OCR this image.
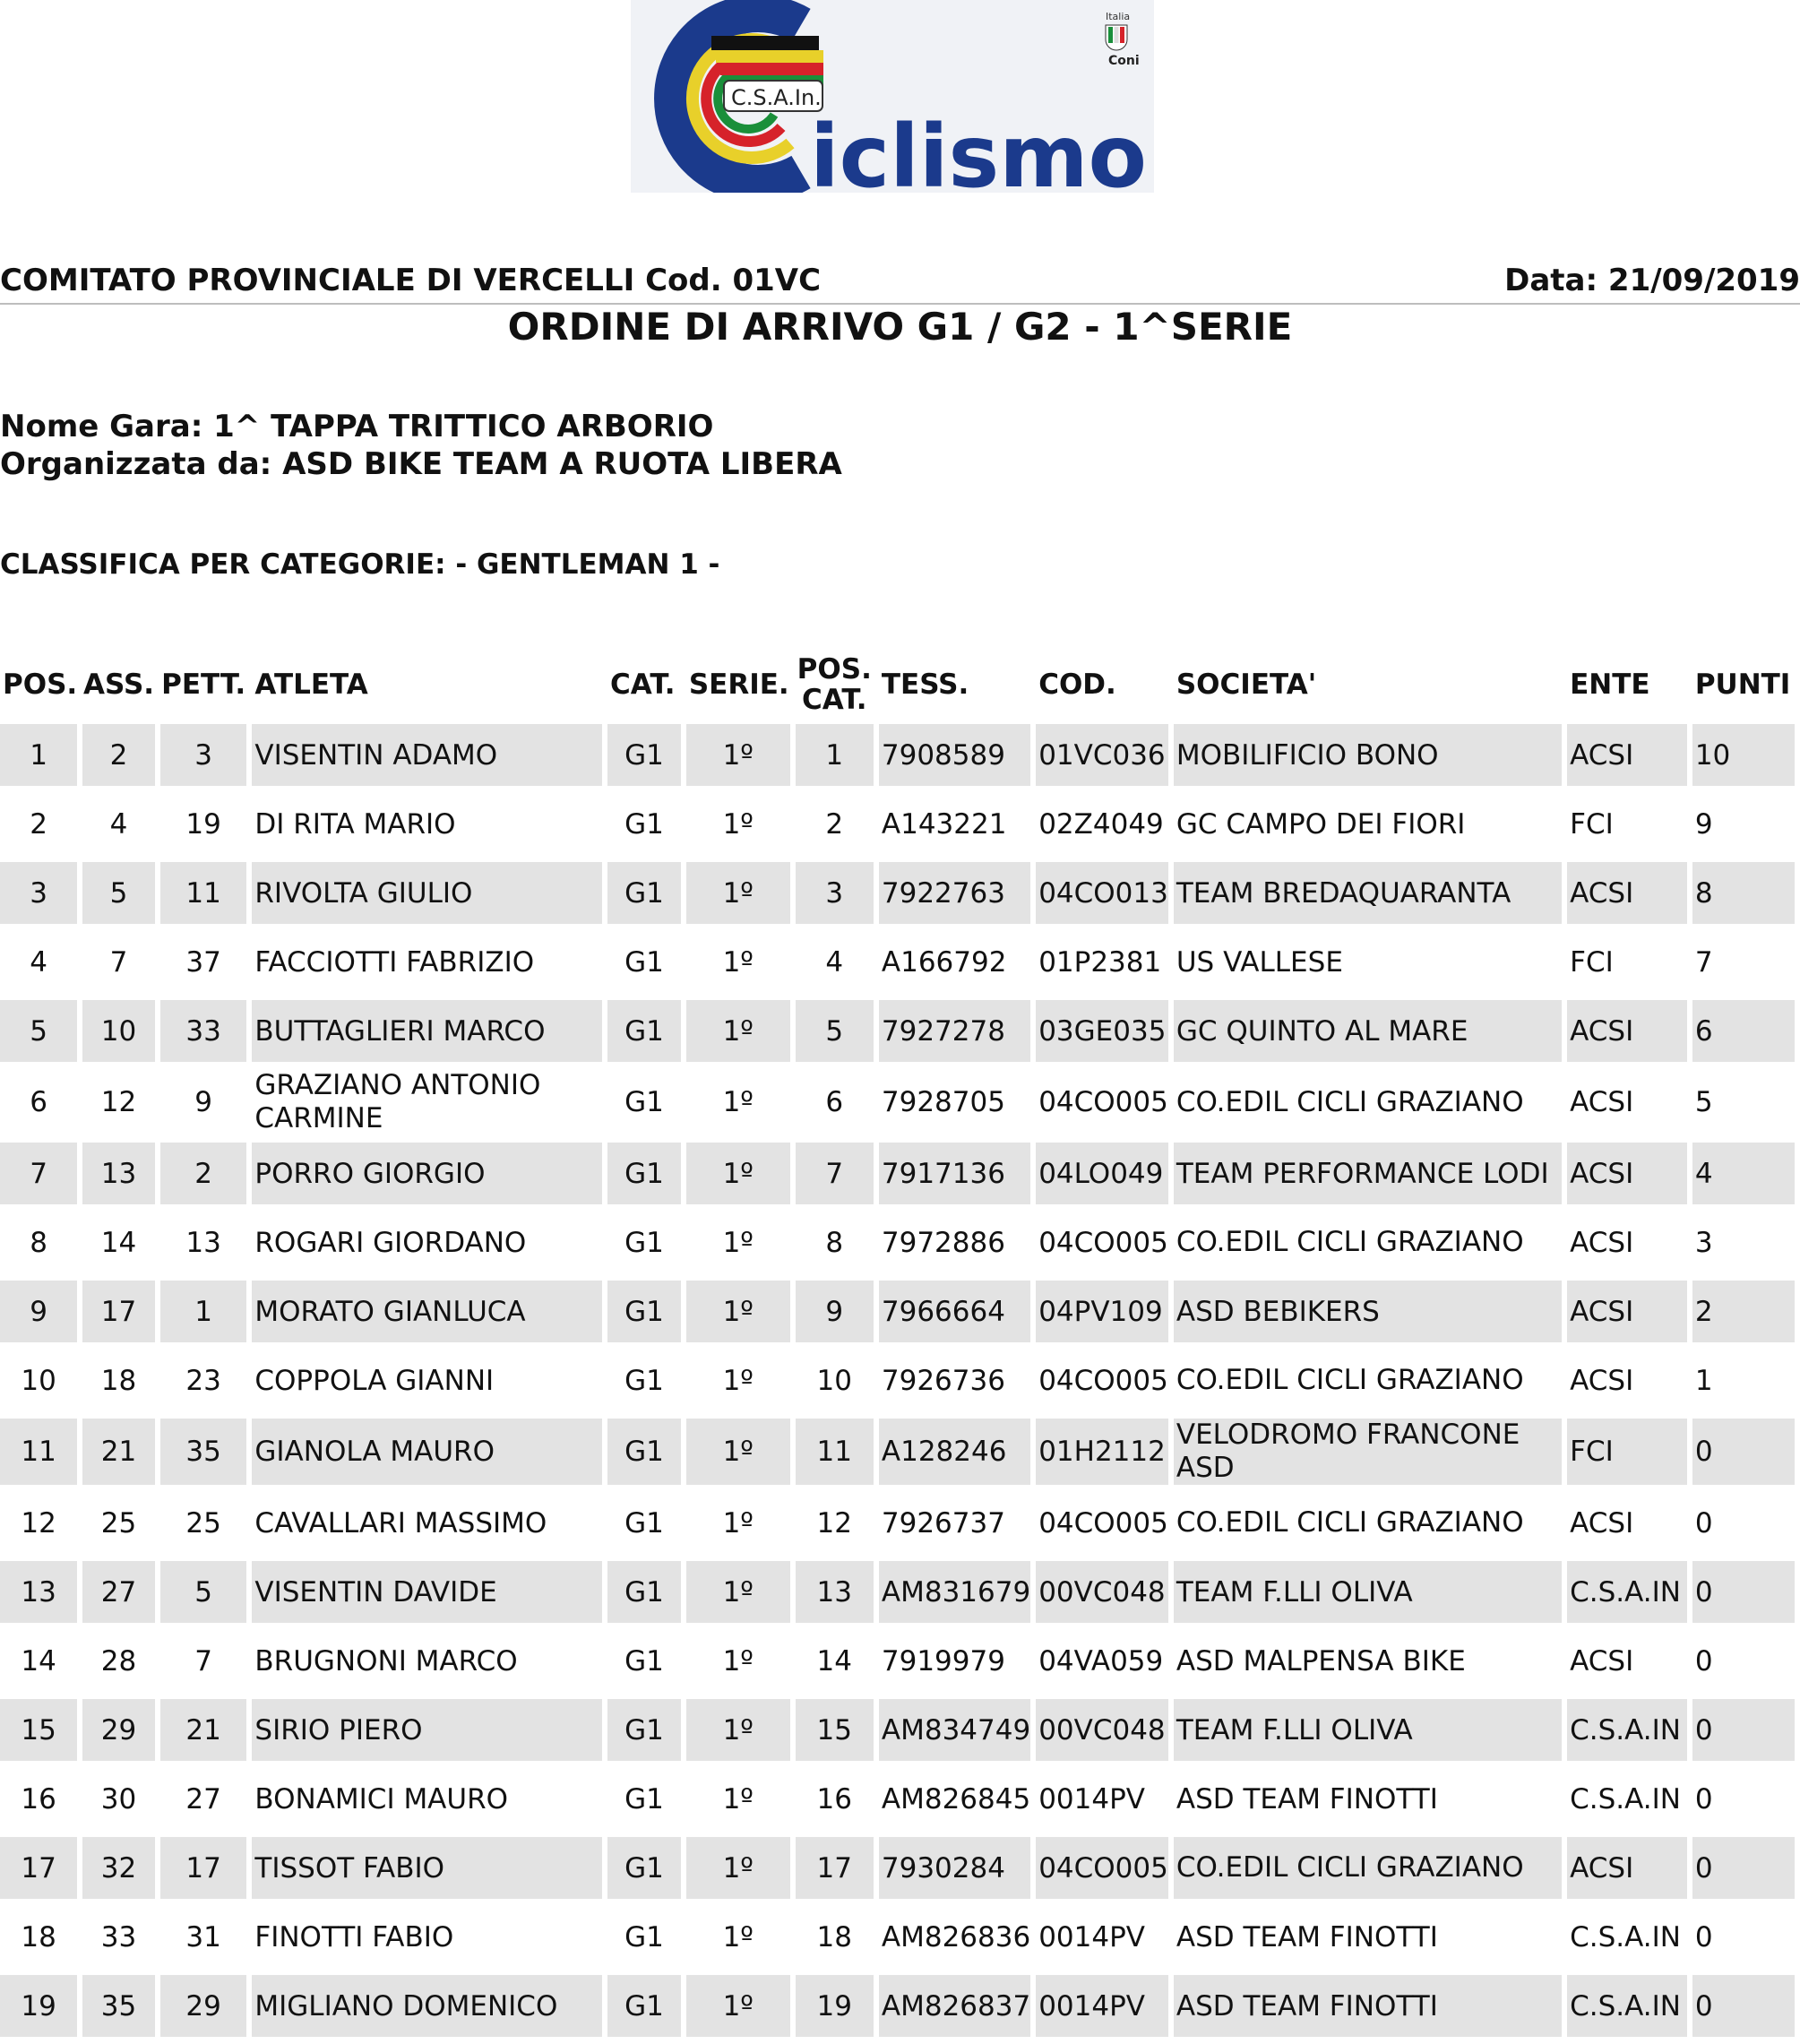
C.S.A.In.
iclismo
Italia
Coni
COMITATO PROVINCIALE DI VERCELLI Cod. 01VC	Data: 21/09/2019
ORDINE DI ARRIVO G1 / G2 - 1^SERIE
Nome Gara: 1^ TAPPA TRITTICO ARBORIO
Organizzata da: ASD BIKE TEAM A RUOTA LIBERA
CLASSIFICA PER CATEGORIE: - GENTLEMAN 1 -
POS.	ASS.	PETT.	ATLETA	CAT.	SERIE.	POS. CAT.	TESS.	COD.	SOCIETA'	ENTE	PUNTI
1	2	3	VISENTIN ADAMO	G1	1º	1	7908589	01VC036	MOBILIFICIO BONO	ACSI	10
2	4	19	DI RITA MARIO	G1	1º	2	A143221	02Z4049	GC CAMPO DEI FIORI	FCI	9
3	5	11	RIVOLTA GIULIO	G1	1º	3	7922763	04CO013	TEAM BREDAQUARANTA	ACSI	8
4	7	37	FACCIOTTI FABRIZIO	G1	1º	4	A166792	01P2381	US VALLESE	FCI	7
5	10	33	BUTTAGLIERI MARCO	G1	1º	5	7927278	03GE035	GC QUINTO AL MARE	ACSI	6
6	12	9	GRAZIANO ANTONIO CARMINE	G1	1º	6	7928705	04CO005	CO.EDIL CICLI GRAZIANO	ACSI	5
7	13	2	PORRO GIORGIO	G1	1º	7	7917136	04LO049	TEAM PERFORMANCE LODI	ACSI	4
8	14	13	ROGARI GIORDANO	G1	1º	8	7972886	04CO005	CO.EDIL CICLI GRAZIANO	ACSI	3
9	17	1	MORATO GIANLUCA	G1	1º	9	7966664	04PV109	ASD BEBIKERS	ACSI	2
10	18	23	COPPOLA GIANNI	G1	1º	10	7926736	04CO005	CO.EDIL CICLI GRAZIANO	ACSI	1
11	21	35	GIANOLA MAURO	G1	1º	11	A128246	01H2112	VELODROMO FRANCONE ASD	FCI	0
12	25	25	CAVALLARI MASSIMO	G1	1º	12	7926737	04CO005	CO.EDIL CICLI GRAZIANO	ACSI	0
13	27	5	VISENTIN DAVIDE	G1	1º	13	AM831679	00VC048	TEAM F.LLI OLIVA	C.S.A.IN	0
14	28	7	BRUGNONI MARCO	G1	1º	14	7919979	04VA059	ASD MALPENSA BIKE	ACSI	0
15	29	21	SIRIO PIERO	G1	1º	15	AM834749	00VC048	TEAM F.LLI OLIVA	C.S.A.IN	0
16	30	27	BONAMICI MAURO	G1	1º	16	AM826845	0014PV	ASD TEAM FINOTTI	C.S.A.IN	0
17	32	17	TISSOT FABIO	G1	1º	17	7930284	04CO005	CO.EDIL CICLI GRAZIANO	ACSI	0
18	33	31	FINOTTI FABIO	G1	1º	18	AM826836	0014PV	ASD TEAM FINOTTI	C.S.A.IN	0
19	35	29	MIGLIANO DOMENICO	G1	1º	19	AM826837	0014PV	ASD TEAM FINOTTI	C.S.A.IN	0
